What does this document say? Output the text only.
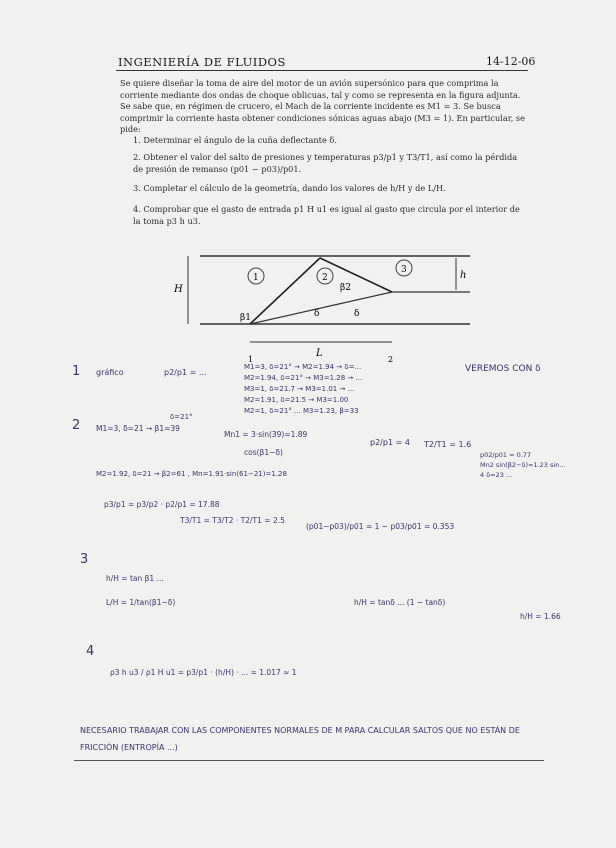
INGENIERÍA DE FLUIDOS	14-12-06
Se quiere diseñar la toma de aire del motor de un avión supersónico para que comprima la corriente mediante dos ondas de choque oblicuas, tal y como se representa en la figura adjunta. Se sabe que, en régimen de crucero, el Mach de la corriente incidente es M1 = 3. Se busca comprimir la corriente hasta obtener condiciones sónicas aguas abajo (M3 = 1). En particular, se pide:
1. Determinar el ángulo de la cuña deflectante δ.
2. Obtener el valor del salto de presiones y temperaturas p3/p1 y T3/T1, así como la pérdida de presión de remanso (p01 − p03)/p01.
3. Completar el cálculo de la geometría, dando los valores de h/H y de L/H.
4. Comprobar que el gasto de entrada p1 H u1 es igual al gasto que circula por el interior de la toma p3 h u3.
1	2
3
H
h
L
β1
β2
δ	δ
1	2
1 gráfico	p2/p1 = ...
M1=3, δ=21° → M2=1.94 → δ=...
M2=1.94, δ=21° → M3=1.28 → ...
M3=1, δ=21.7 → M3=1.01 → ...
M2=1.91, δ=21.5 → M3=1.00
M2=1, δ=21° ... M3=1.23, β=33
VEREMOS CON δ
δ=21°
2 M1=3, δ=21 → β1=39
Mn1 = 3·sin(39)=1.89
cos(β1−δ)
p2/p1 = 4 T2/T1 = 1.6
p02/p01 = 0.77
Mn2 sin(β2−δ)=1.23 sin...
4 δ=23 ...
M2=1.92, δ=21 → β2=61 , Mn=1.91·sin(61−21)=1.28
p3/p1 = p3/p2 · p2/p1 = 17.88
T3/T1 = T3/T2 · T2/T1 = 2.5
(p01−p03)/p01 = 1 − p03/p01 = 0.353
3
h/H = tan β1 ...
L/H = 1/tan(β1−δ)	h/H = tanδ ... (1 − tanδ)
h/H = 1.66
4
ρ3 h u3 / ρ1 H u1 = p3/p1 · (h/H) · ... = 1.017 ≈ 1
NECESARIO TRABAJAR CON LAS COMPONENTES NORMALES DE M PARA CALCULAR SALTOS QUE NO ESTÁN DE FRICCIÓN (ENTROPÍA ...)
